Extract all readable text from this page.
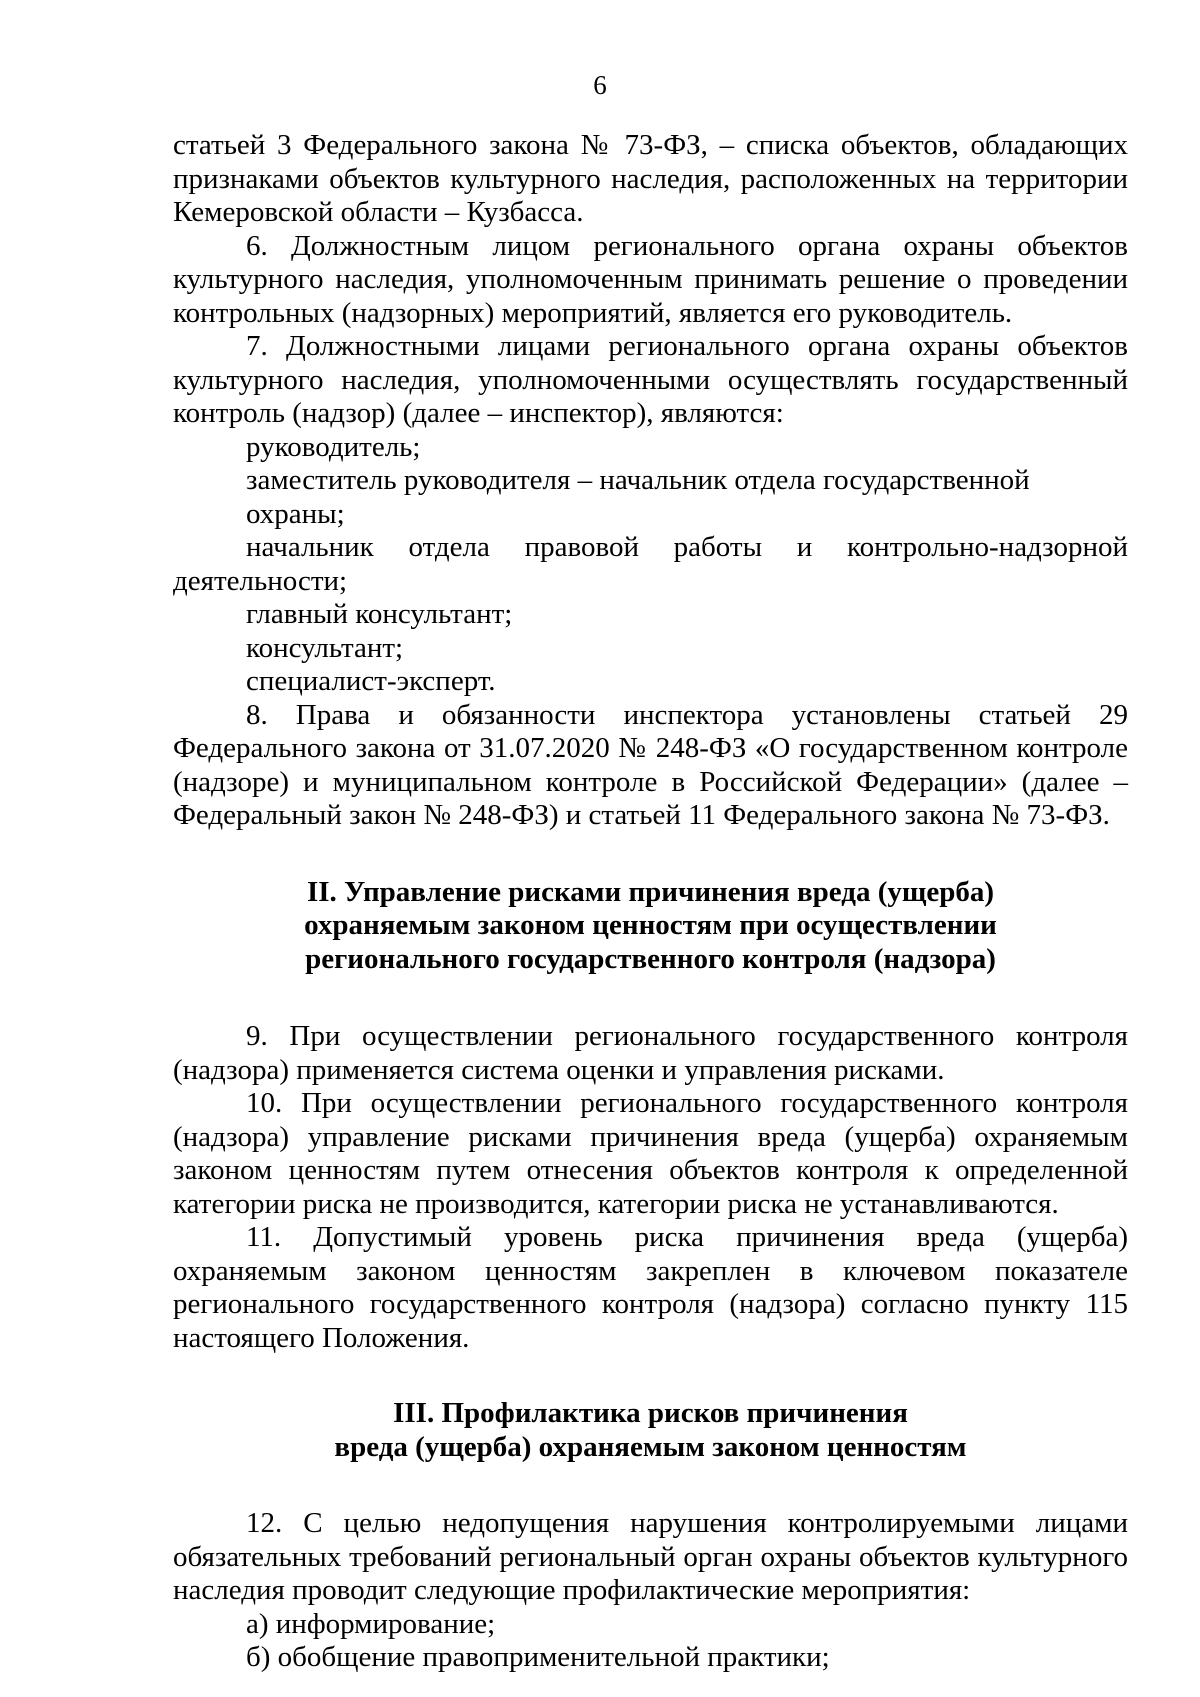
6

статьей 3 Федерального закона № 73-ФЗ, – списка объектов, обладающих признаками объектов культурного наследия, расположенных на территории Кемеровской области – Кузбасса.

6. Должностным лицом регионального органа охраны объектов культурного наследия, уполномоченным принимать решение о проведении контрольных (надзорных) мероприятий, является его руководитель.

7. Должностными лицами регионального органа охраны объектов культурного наследия, уполномоченными осуществлять государственный контроль (надзор) (далее – инспектор), являются:

руководитель;

заместитель руководителя – начальник отдела государственной охраны;

начальник отдела правовой работы и контрольно-надзорной деятельности;

главный консультант;

консультант;

специалист-эксперт.

8. Права и обязанности инспектора установлены статьей 29 Федерального закона от 31.07.2020 № 248-ФЗ «О государственном контроле (надзоре) и муниципальном контроле в Российской Федерации» (далее – Федеральный закон № 248-ФЗ) и статьей 11 Федерального закона № 73-ФЗ.

II. Управление рисками причинения вреда (ущерба)
охраняемым законом ценностям при осуществлении
регионального государственного контроля (надзора)

9. При осуществлении регионального государственного контроля (надзора) применяется система оценки и управления рисками.

10. При осуществлении регионального государственного контроля (надзора) управление рисками причинения вреда (ущерба) охраняемым законом ценностям путем отнесения объектов контроля к определенной категории риска не производится, категории риска не устанавливаются.

11. Допустимый уровень риска причинения вреда (ущерба) охраняемым законом ценностям закреплен в ключевом показателе регионального государственного контроля (надзора) согласно пункту 115 настоящего Положения.

III. Профилактика рисков причинения
вреда (ущерба) охраняемым законом ценностям

12. С целью недопущения нарушения контролируемыми лицами обязательных требований региональный орган охраны объектов культурного наследия проводит следующие профилактические мероприятия:

а) информирование;

б) обобщение правоприменительной практики;
